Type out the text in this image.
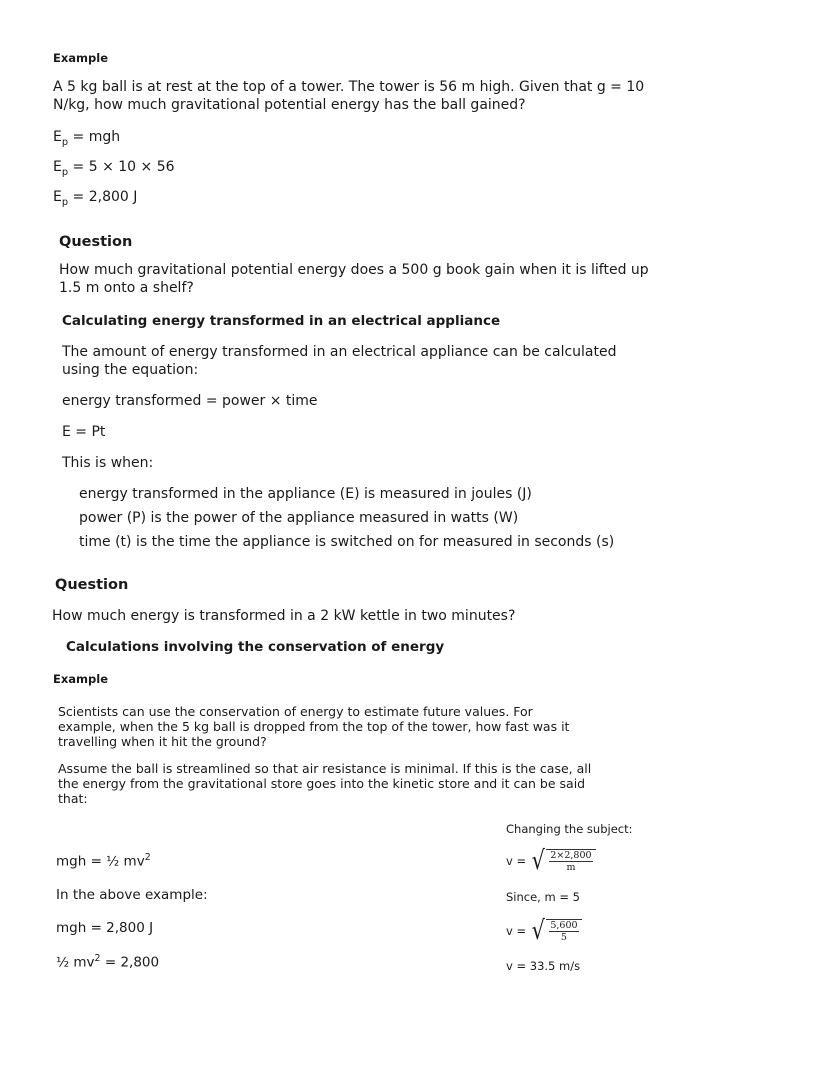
Example
A 5 kg ball is at rest at the top of a tower. The tower is 56 m high. Given that g = 10
N/kg, how much gravitational potential energy has the ball gained?
$E_p$ = mgh
$E_p = 5 \times 10 \times 56$
$E_p = 2,800$ J
Question
How much gravitational potential energy does a 500 g book gain when it is lifted up
1.5 m onto a shelf?
Calculating energy transformed in an electrical appliance
The amount of energy transformed in an electrical appliance can be calculated
using the equation:
energy transformed = power × time
E = Pt
This is when:
energy transformed in the appliance (E) is measured in joules (J)
power (P) is the power of the appliance measured in watts (W)
time (t) is the time the appliance is switched on for measured in seconds (s)
Question
How much energy is transformed in a 2 kW kettle in two minutes?
Calculations involving the conservation of energy
Example
Scientists can use the conservation of energy to estimate future values. For
example, when the 5 kg ball is dropped from the top of the tower, how fast was it
travelling when it hit the ground?
Assume the ball is streamlined so that air resistance is minimal. If this is the case, all
the energy from the gravitational store goes into the kinetic store and it can be said
that:
mgh = ½ $mv^2$
In the above example:
mgh = 2,800 J
½ $mv^2 = 2,800$
Changing the subject:
v = √ $\frac{2\times 2,800}{m}$
Since, m = 5
v = √ $\frac{5,600}{5}$
v = 33.5 m/s
